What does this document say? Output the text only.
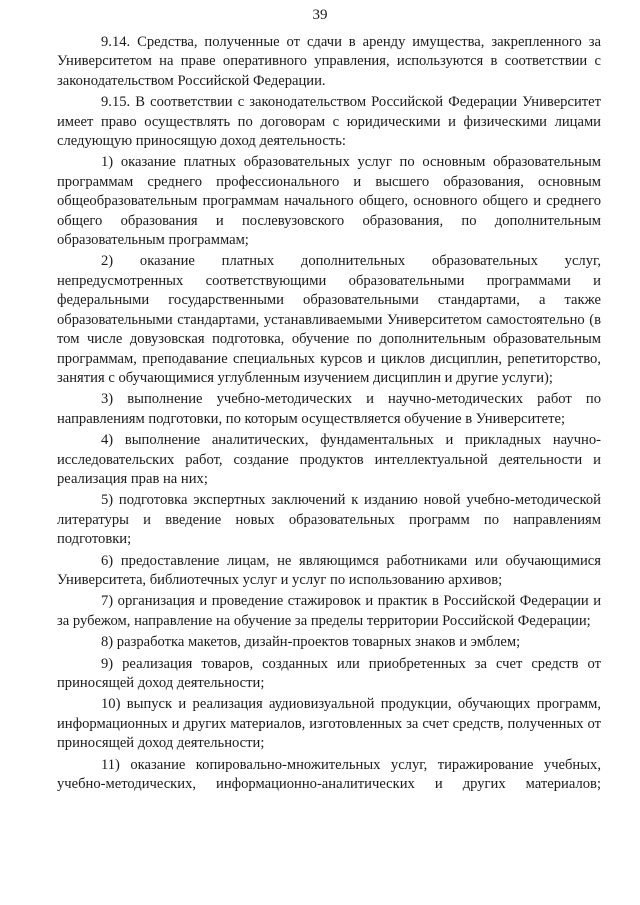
39

9.14. Средства, полученные от сдачи в аренду имущества, закрепленного за Университетом на праве оперативного управления, используются в соответствии с законодательством Российской Федерации.

9.15. В соответствии с законодательством Российской Федерации Университет имеет право осуществлять по договорам с юридическими и физическими лицами следующую приносящую доход деятельность:

1) оказание платных образовательных услуг по основным образовательным программам среднего профессионального и высшего образования, основным общеобразовательным программам начального общего, основного общего и среднего общего образования и послевузовского образования, по дополнительным образовательным программам;

2) оказание платных дополнительных образовательных услуг, непредусмотренных соответствующими образовательными программами и федеральными государственными образовательными стандартами, а также образовательными стандартами, устанавливаемыми Университетом самостоятельно (в том числе довузовская подготовка, обучение по дополнительным образовательным программам, преподавание специальных курсов и циклов дисциплин, репетиторство, занятия с обучающимися углубленным изучением дисциплин и другие услуги);

3) выполнение учебно-методических и научно-методических работ по направлениям подготовки, по которым осуществляется обучение в Университете;

4) выполнение аналитических, фундаментальных и прикладных научно-исследовательских работ, создание продуктов интеллектуальной деятельности и реализация прав на них;

5) подготовка экспертных заключений к изданию новой учебно-методической литературы и введение новых образовательных программ по направлениям подготовки;

6) предоставление лицам, не являющимся работниками или обучающимися Университета, библиотечных услуг и услуг по использованию архивов;

7) организация и проведение стажировок и практик в Российской Федерации и за рубежом, направление на обучение за пределы территории Российской Федерации;

8) разработка макетов, дизайн-проектов товарных знаков и эмблем;

9) реализация товаров, созданных или приобретенных за счет средств от приносящей доход деятельности;

10) выпуск и реализация аудиовизуальной продукции, обучающих программ, информационных и других материалов, изготовленных за счет средств, полученных от приносящей доход деятельности;

11) оказание копировально-множительных услуг, тиражирование учебных, учебно-методических, информационно-аналитических и других материалов;
